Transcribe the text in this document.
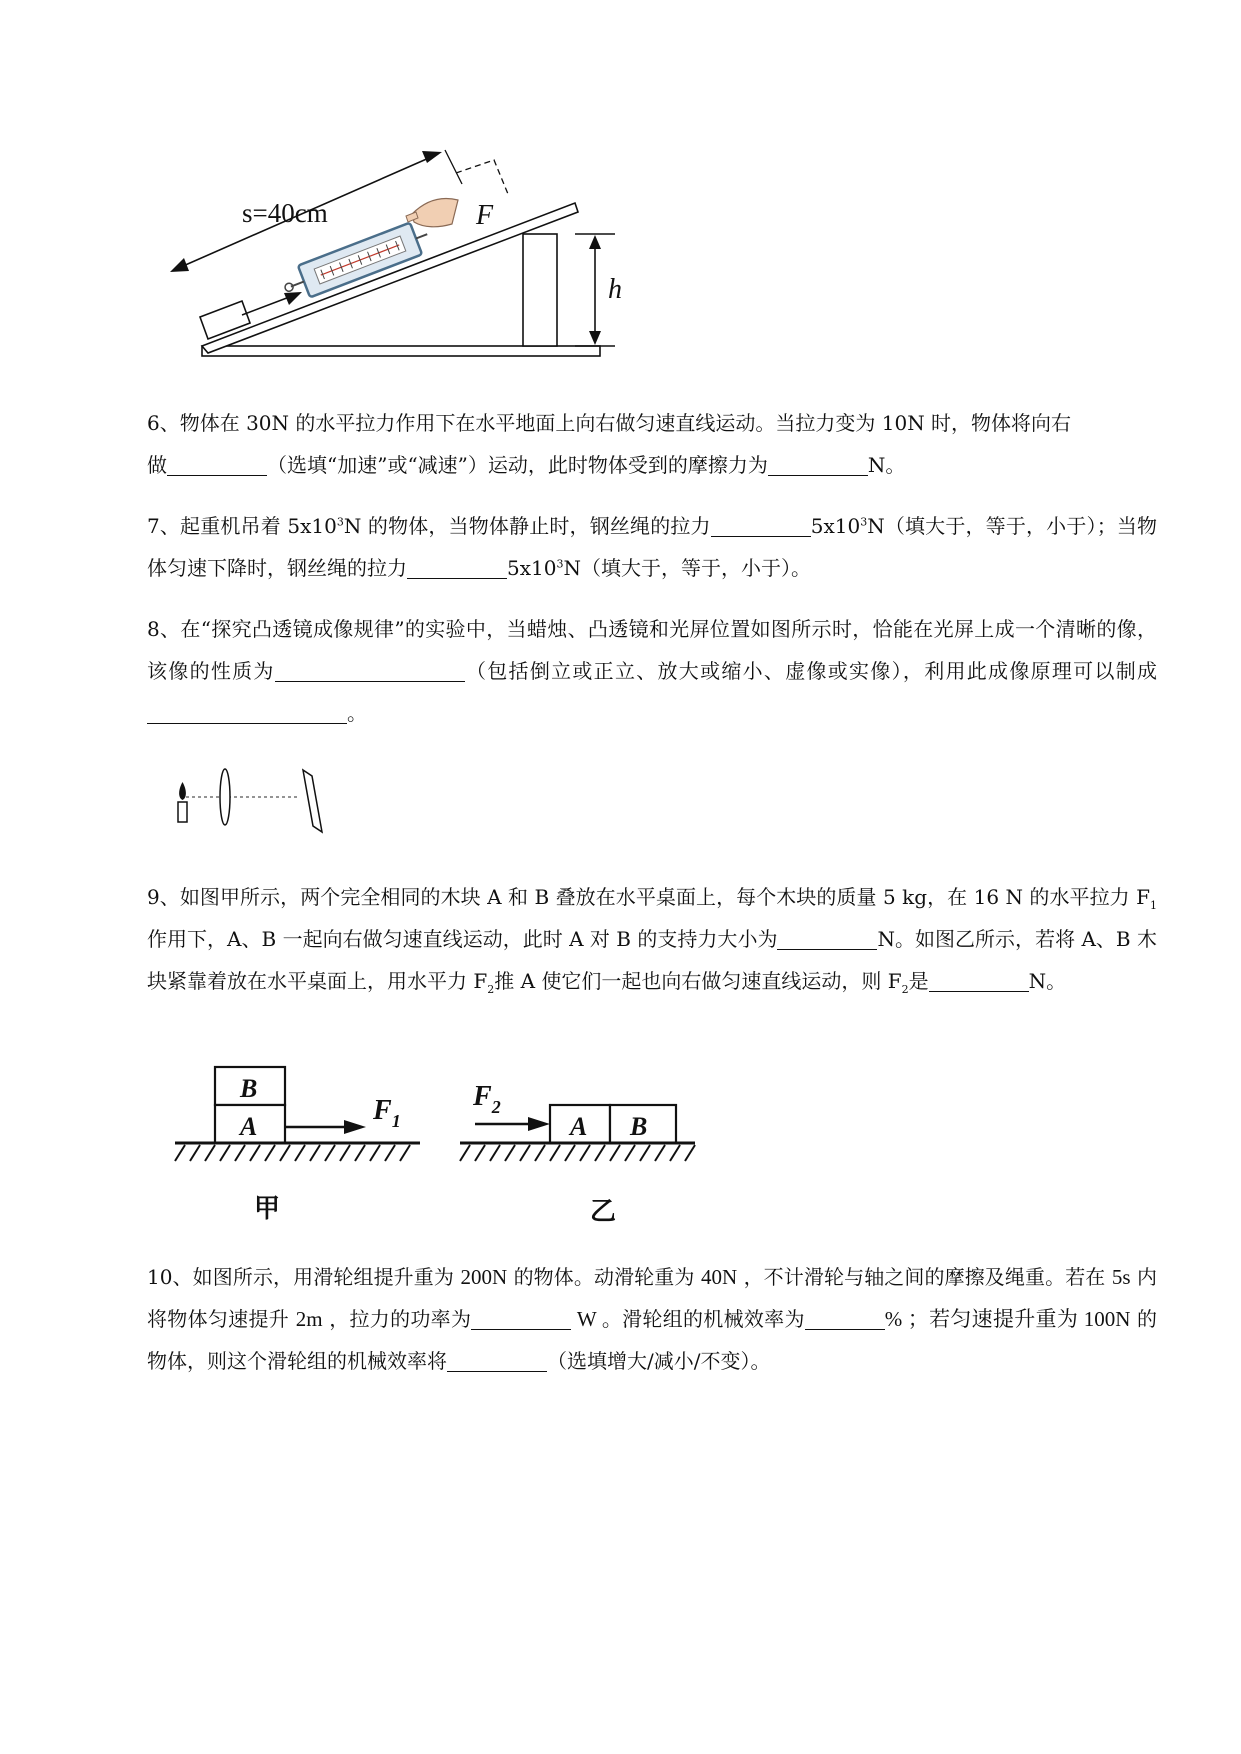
h
s=40cm	F
6、物体在 30N 的水平拉力作用下在水平地面上向右做匀速直线运动。当拉力变为 10N 时，物体将向右
做	（选填“加速”或“减速”）运动，此时物体受到的摩擦力为	N。
7、起重机吊着 $5x10^3N$ 的物体，当物体静止时，钢丝绳的拉力	$5x10^3N$（填大于，等于，小于）；当物体匀速下降时，钢丝绳的拉力	$5x10^3N$（填大于，等于，小于）。
8、在“探究凸透镜成像规律”的实验中，当蜡烛、凸透镜和光屏位置如图所示时，恰能在光屏上成一个清晰的像，该像的性质为	（包括倒立或正立、放大或缩小、虚像或实像），利用此成像原理可以制成。
9、如图甲所示，两个完全相同的木块 A 和 B 叠放在水平桌面上，每个木块的质量 5 kg，在 16 N 的水平拉力 $F_1$作用下，A、B 一起向右做匀速直线运动，此时 A 对 B 的支持力大小为	N。如图乙所示，若将 A、B 木块紧靠着放在水平桌面上，用水平力 $F_2$推 A 使它们一起也向右做匀速直线运动，则 $F_2$是	N。
B
A
$F_1$
甲
A B
$F_2$
乙
10、如图所示，用滑轮组提升重为 200N 的物体。动滑轮重为 40N ，不计滑轮与轴之间的摩擦及绳重。若在 5s 内将物体匀速提升 2m ，拉力的功率为	W 。滑轮组的机械效率为	% ；若匀速提升重为 100N 的物体，则这个滑轮组的机械效率将	（选填增大/减小/不变）。
